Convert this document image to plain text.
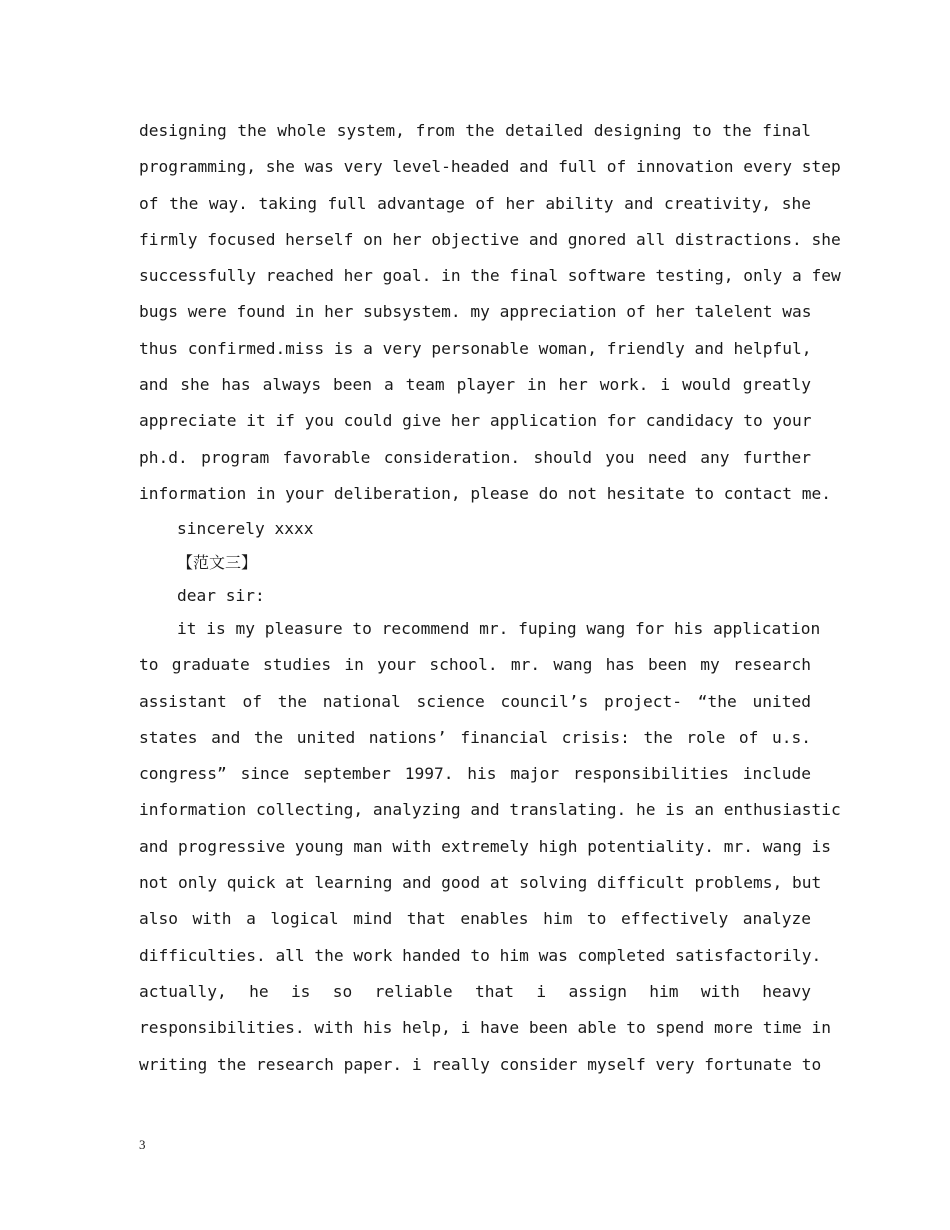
designing the whole system, from the detailed designing to the final
programming, she was very level-headed and full of innovation every step
of the way. taking full advantage of her ability and creativity, she
firmly focused herself on her objective and gnored all distractions. she
successfully reached her goal. in the final software testing, only a few
bugs were found in her subsystem. my appreciation of her talelent was
thus confirmed.miss is a very personable woman, friendly and helpful,
and she has always been a team player in her work. i would greatly
appreciate it if you could give her application for candidacy to your
ph.d. program favorable consideration. should you need any further
information in your deliberation, please do not hesitate to contact me.
sincerely xxxx
【范文三】
dear sir:
it is my pleasure to recommend mr. fuping wang for his application
to graduate studies in your school. mr. wang has been my research
assistant of the national science council’s project- “the united
states and the united nations’ financial crisis: the role of u.s.
congress” since september 1997. his major responsibilities include
information collecting, analyzing and translating. he is an enthusiastic
and progressive young man with extremely high potentiality. mr. wang is
not only quick at learning and good at solving difficult problems, but
also with a logical mind that enables him to effectively analyze
difficulties. all the work handed to him was completed satisfactorily.
actually, he is so reliable that i assign him with heavy
responsibilities. with his help, i have been able to spend more time in
writing the research paper. i really consider myself very fortunate to
3
